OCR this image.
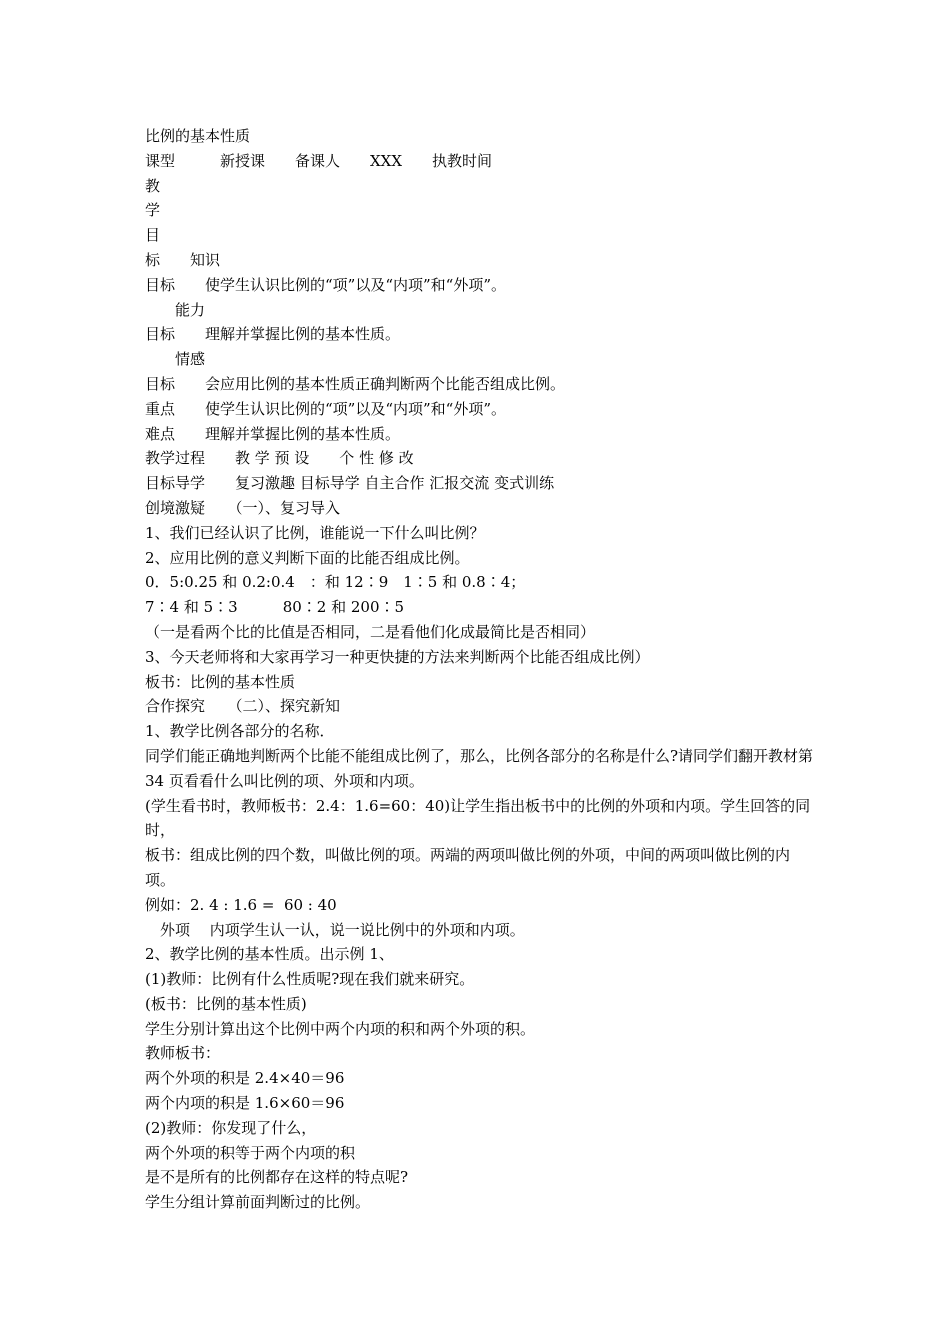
比例的基本性质
课型　　　新授课　　备课人　　XXX　　执教时间
教
学
目
标　　知识
目标　　使学生认识比例的“项”以及“内项”和“外项”。
　　能力
目标　　理解并掌握比例的基本性质。
　　情感
目标　　会应用比例的基本性质正确判断两个比能否组成比例。
重点　　使学生认识比例的“项”以及“内项”和“外项”。
难点　　理解并掌握比例的基本性质。
教学过程　　教 学 预 设　　个 性 修 改
目标导学　　复习激趣 目标导学 自主合作 汇报交流 变式训练
创境激疑　　（一）、复习导入
1、我们已经认识了比例，谁能说一下什么叫比例？
2、应用比例的意义判断下面的比能否组成比例。
0．5:0.25 和 0.2:0.4　：和 12∶9　1∶5 和 0.8∶4；
7∶4 和 5∶3　　　80∶2 和 200∶5
（一是看两个比的比值是否相同，二是看他们化成最简比是否相同）
3、今天老师将和大家再学习一种更快捷的方法来判断两个比能否组成比例）
板书：比例的基本性质
合作探究　　（二）、探究新知
1、教学比例各部分的名称．
同学们能正确地判断两个比能不能组成比例了，那么，比例各部分的名称是什么?请同学们翻开教材第 34 页看看什么叫比例的项、外项和内项。
(学生看书时，教师板书：2.4：1.6=60：40)让学生指出板书中的比例的外项和内项。学生回答的同时，
板书：组成比例的四个数，叫做比例的项。两端的两项叫做比例的外项，中间的两项叫做比例的内项。
例如：2. 4 : 1.6 =  60 : 40
　外项　 内项学生认一认，说一说比例中的外项和内项。
2、教学比例的基本性质。出示例 1、
(1)教师：比例有什么性质呢?现在我们就来研究。
(板书：比例的基本性质)
学生分别计算出这个比例中两个内项的积和两个外项的积。
教师板书：
两个外项的积是 2.4×40＝96
两个内项的积是 1.6×60＝96
(2)教师：你发现了什么，
两个外项的积等于两个内项的积
是不是所有的比例都存在这样的特点呢?
学生分组计算前面判断过的比例。
